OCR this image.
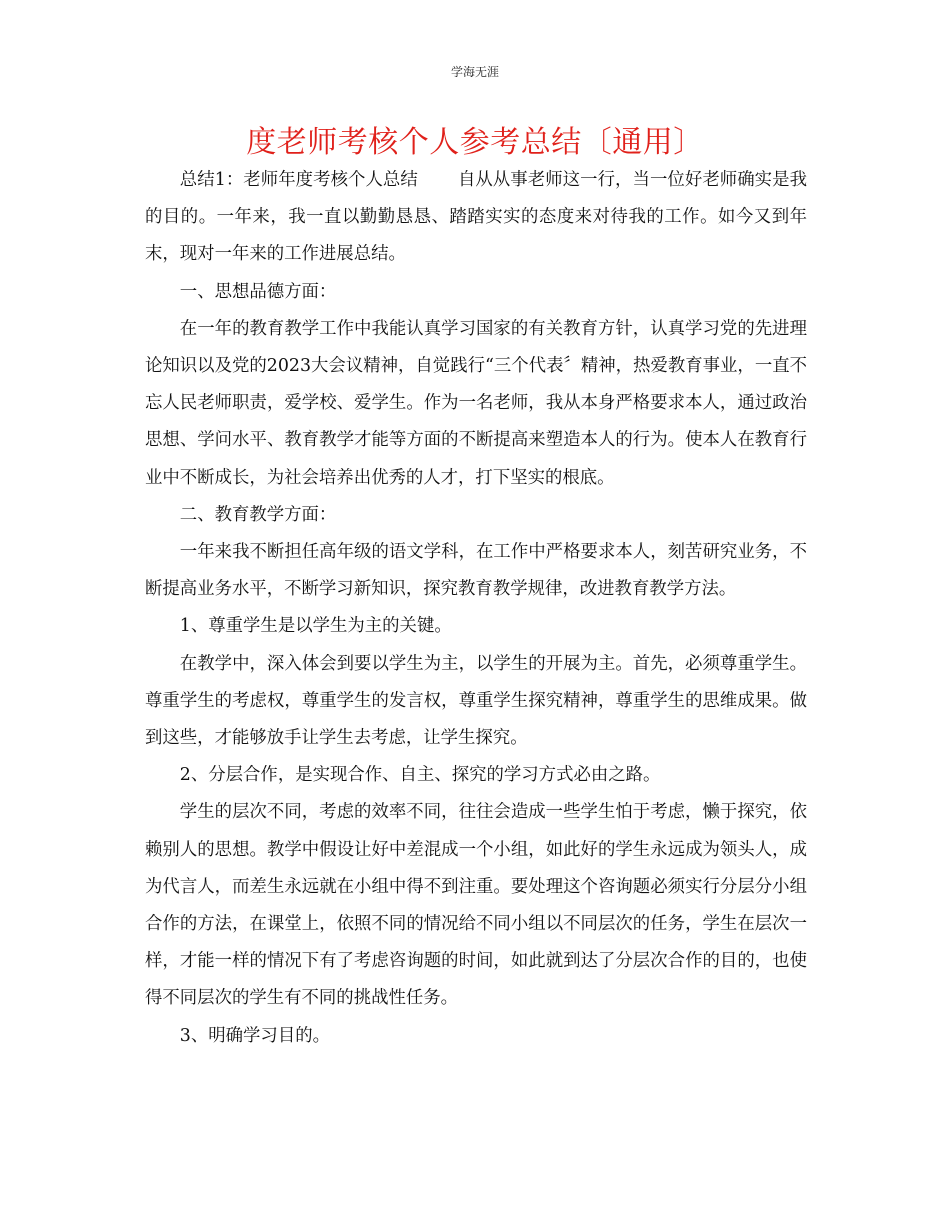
学海无涯
度老师考核个人参考总结〔通用〕

总结1：老师年度考核个人总结 自从从事老师这一行，当一位好老师确实是我的目的。一年来，我一直以勤勤恳恳、踏踏实实的态度来对待我的工作。如今又到年末，现对一年来的工作进展总结。

一、思想品德方面：

在一年的教育教学工作中我能认真学习国家的有关教育方针，认真学习党的先进理论知识以及党的2023大会议精神，自觉践行“三个代表〞精神，热爱教育事业，一直不忘人民老师职责，爱学校、爱学生。作为一名老师，我从本身严格要求本人，通过政治思想、学问水平、教育教学才能等方面的不断提高来塑造本人的行为。使本人在教育行业中不断成长，为社会培养出优秀的人才，打下坚实的根底。

二、教育教学方面：

一年来我不断担任高年级的语文学科，在工作中严格要求本人，刻苦研究业务，不断提高业务水平，不断学习新知识，探究教育教学规律，改进教育教学方法。

1、尊重学生是以学生为主的关键。

在教学中，深入体会到要以学生为主，以学生的开展为主。首先，必须尊重学生。尊重学生的考虑权，尊重学生的发言权，尊重学生探究精神，尊重学生的思维成果。做到这些，才能够放手让学生去考虑，让学生探究。

2、分层合作，是实现合作、自主、探究的学习方式必由之路。

学生的层次不同，考虑的效率不同，往往会造成一些学生怕于考虑，懒于探究，依赖别人的思想。教学中假设让好中差混成一个小组，如此好的学生永远成为领头人，成为代言人，而差生永远就在小组中得不到注重。要处理这个咨询题必须实行分层分小组合作的方法，在课堂上，依照不同的情况给不同小组以不同层次的任务，学生在层次一样，才能一样的情况下有了考虑咨询题的时间，如此就到达了分层次合作的目的，也使得不同层次的学生有不同的挑战性任务。

3、明确学习目的。
